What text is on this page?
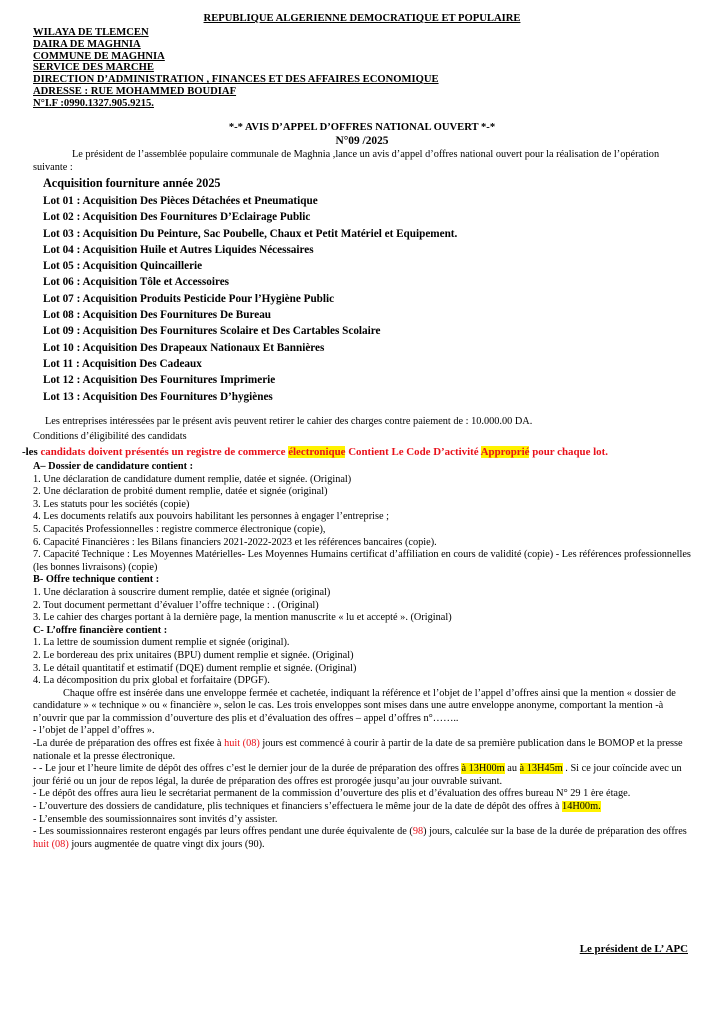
REPUBLIQUE ALGERIENNE DEMOCRATIQUE ET POPULAIRE
WILAYA DE TLEMCEN
DAIRA DE MAGHNIA
COMMUNE DE MAGHNIA
SERVICE DES MARCHE
DIRECTION D’ADMINISTRATION , FINANCES ET DES AFFAIRES ECONOMIQUE
ADRESSE : RUE MOHAMMED BOUDIAF
N°I.F :0990.1327.905.9215.
*-* AVIS D’APPEL D’OFFRES NATIONAL OUVERT *-*
N°09 /2025
Le président de l’assemblée populaire communale de Maghnia ,lance un avis d’appel d’offres national ouvert pour la réalisation de l’opération suivante :
Acquisition fourniture année 2025
Lot 01 : Acquisition Des Pièces Détachées et Pneumatique
Lot 02 : Acquisition Des Fournitures D’Eclairage Public
Lot 03 : Acquisition Du Peinture, Sac Poubelle, Chaux et Petit Matériel et Equipement.
Lot 04 : Acquisition Huile et Autres Liquides Nécessaires
Lot 05 : Acquisition Quincaillerie
Lot 06 : Acquisition Tôle et Accessoires
Lot 07 : Acquisition Produits Pesticide Pour l’Hygiène Public
Lot 08 : Acquisition Des Fournitures De Bureau
Lot 09 : Acquisition Des Fournitures Scolaire et Des Cartables Scolaire
Lot 10 : Acquisition Des Drapeaux Nationaux Et Bannières
Lot 11 : Acquisition Des Cadeaux
Lot 12 : Acquisition Des Fournitures Imprimerie
Lot 13 : Acquisition Des Fournitures D’hygiènes
Les entreprises intéressées par le présent avis peuvent retirer le cahier des charges contre paiement de : 10.000.00 DA.
Conditions d’éligibilité des candidats
-les candidats doivent présentés un registre de commerce électronique Contient Le Code D’activité Approprié pour chaque lot.
A– Dossier de candidature contient :
1. Une déclaration de candidature dument remplie, datée et signée. (Original)
2. Une déclaration de probité dument remplie, datée et signée (original)
3. Les statuts pour les sociétés (copie)
4. Les documents relatifs aux pouvoirs habilitant les personnes à engager l’entreprise ;
5. Capacités Professionnelles : registre commerce électronique (copie),
6. Capacité Financières : les Bilans financiers 2021-2022-2023 et les références bancaires (copie).
7. Capacité Technique : Les Moyennes Matérielles- Les Moyennes Humains certificat d’affiliation en cours de validité (copie) - Les références professionnelles (les bonnes livraisons) (copie)
B- Offre technique contient :
1. Une déclaration à souscrire dument remplie, datée et signée (original)
2. Tout document permettant d’évaluer l’offre technique : . (Original)
3. Le cahier des charges portant à la dernière page, la mention manuscrite « lu et accepté ». (Original)
C- L’offre financière contient :
1. La lettre de soumission dument remplie et signée (original).
2. Le bordereau des prix unitaires (BPU) dument remplie et signée. (Original)
3. Le détail quantitatif et estimatif (DQE) dument remplie et signée. (Original)
4. La décomposition du prix global et forfaitaire (DPGF).
Chaque offre est insérée dans une enveloppe fermée et cachetée, indiquant la référence et l’objet de l’appel d’offres ainsi que la mention « dossier de candidature » « technique » ou « financière », selon le cas. Les trois enveloppes sont mises dans une autre enveloppe anonyme, comportant la mention -à n’ouvrir que par la commission d’ouverture des plis et d’évaluation des offres – appel d’offres n°……..
- l’objet de l’appel d’offres ».
-La durée de préparation des offres est fixée à huit (08) jours est commencé à courir à partir de la date de sa première publication dans le BOMOP et la presse nationale et la presse électronique.
- - Le jour et l’heure limite de dépôt des offres c’est le dernier jour de la durée de préparation des offres à 13H00m au à 13H45m . Si ce jour coïncide avec un jour férié ou un jour de repos légal, la durée de préparation des offres est prorogée jusqu’au jour ouvrable suivant.
- Le dépôt des offres aura lieu le secrétariat permanent de la commission d’ouverture des plis et d’évaluation des offres bureau N° 29 1 ère étage.
- L’ouverture des dossiers de candidature, plis techniques et financiers s’effectuera le même jour de la date de dépôt des offres à 14H00m.
- L’ensemble des soumissionnaires sont invités d’y assister.
- Les soumissionnaires resteront engagés par leurs offres pendant une durée équivalente de (98) jours, calculée sur la base de la durée de préparation des offres huit (08) jours augmentée de quatre vingt dix jours (90).
Le président de L’ APC
